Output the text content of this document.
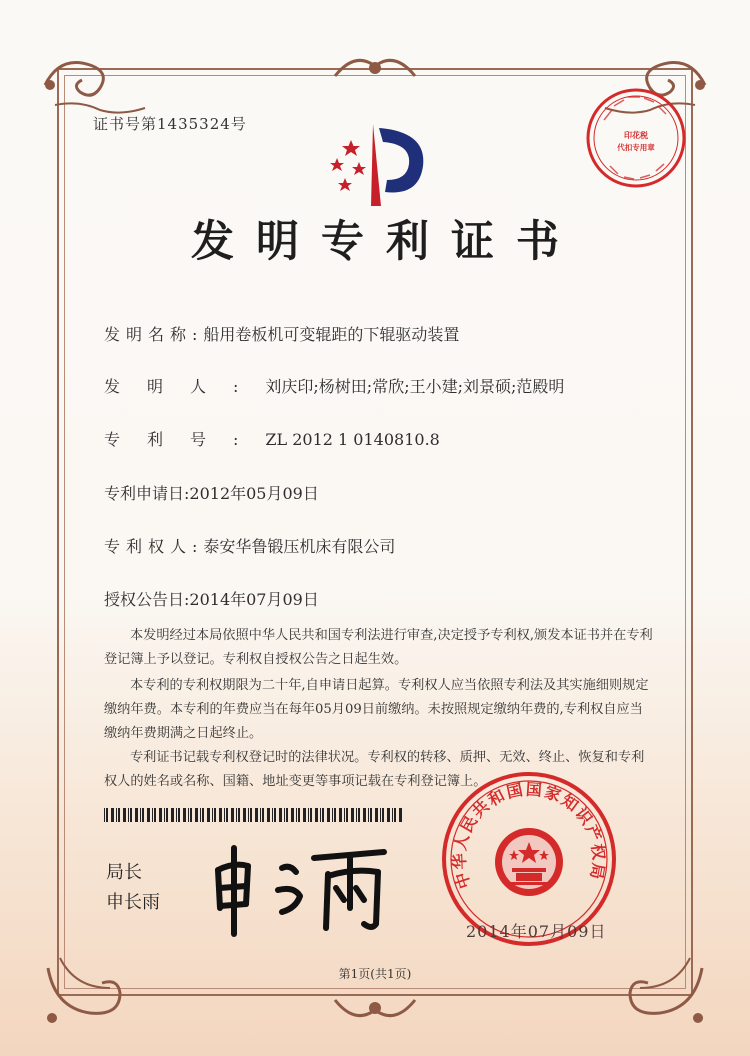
证书号第1435324号
发明专利证书
发明名称:船用卷板机可变辊距的下辊驱动装置
发明人:刘庆印;杨树田;常欣;王小建;刘景硕;范殿明
专利号:ZL 2012 1 0140810.8
专利申请日:2012年05月09日
专利权人:泰安华鲁锻压机床有限公司
授权公告日:2014年07月09日

本发明经过本局依照中华人民共和国专利法进行审查,决定授予专利权,颁发本证书并在专利登记簿上予以登记。专利权自授权公告之日起生效。

本专利的专利权期限为二十年,自申请日起算。专利权人应当依照专利法及其实施细则规定缴纳年费。本专利的年费应当在每年05月09日前缴纳。未按照规定缴纳年费的,专利权自应当缴纳年费期满之日起终止。

专利证书记载专利权登记时的法律状况。专利权的转移、质押、无效、终止、恢复和专利权人的姓名或名称、国籍、地址变更等事项记载在专利登记簿上。

局长
申长雨
印花税
代扣专用章
中
华
人
民
共
和
国 国 家
知
识
产
权
局
2014年07月09日
第1页(共1页)
